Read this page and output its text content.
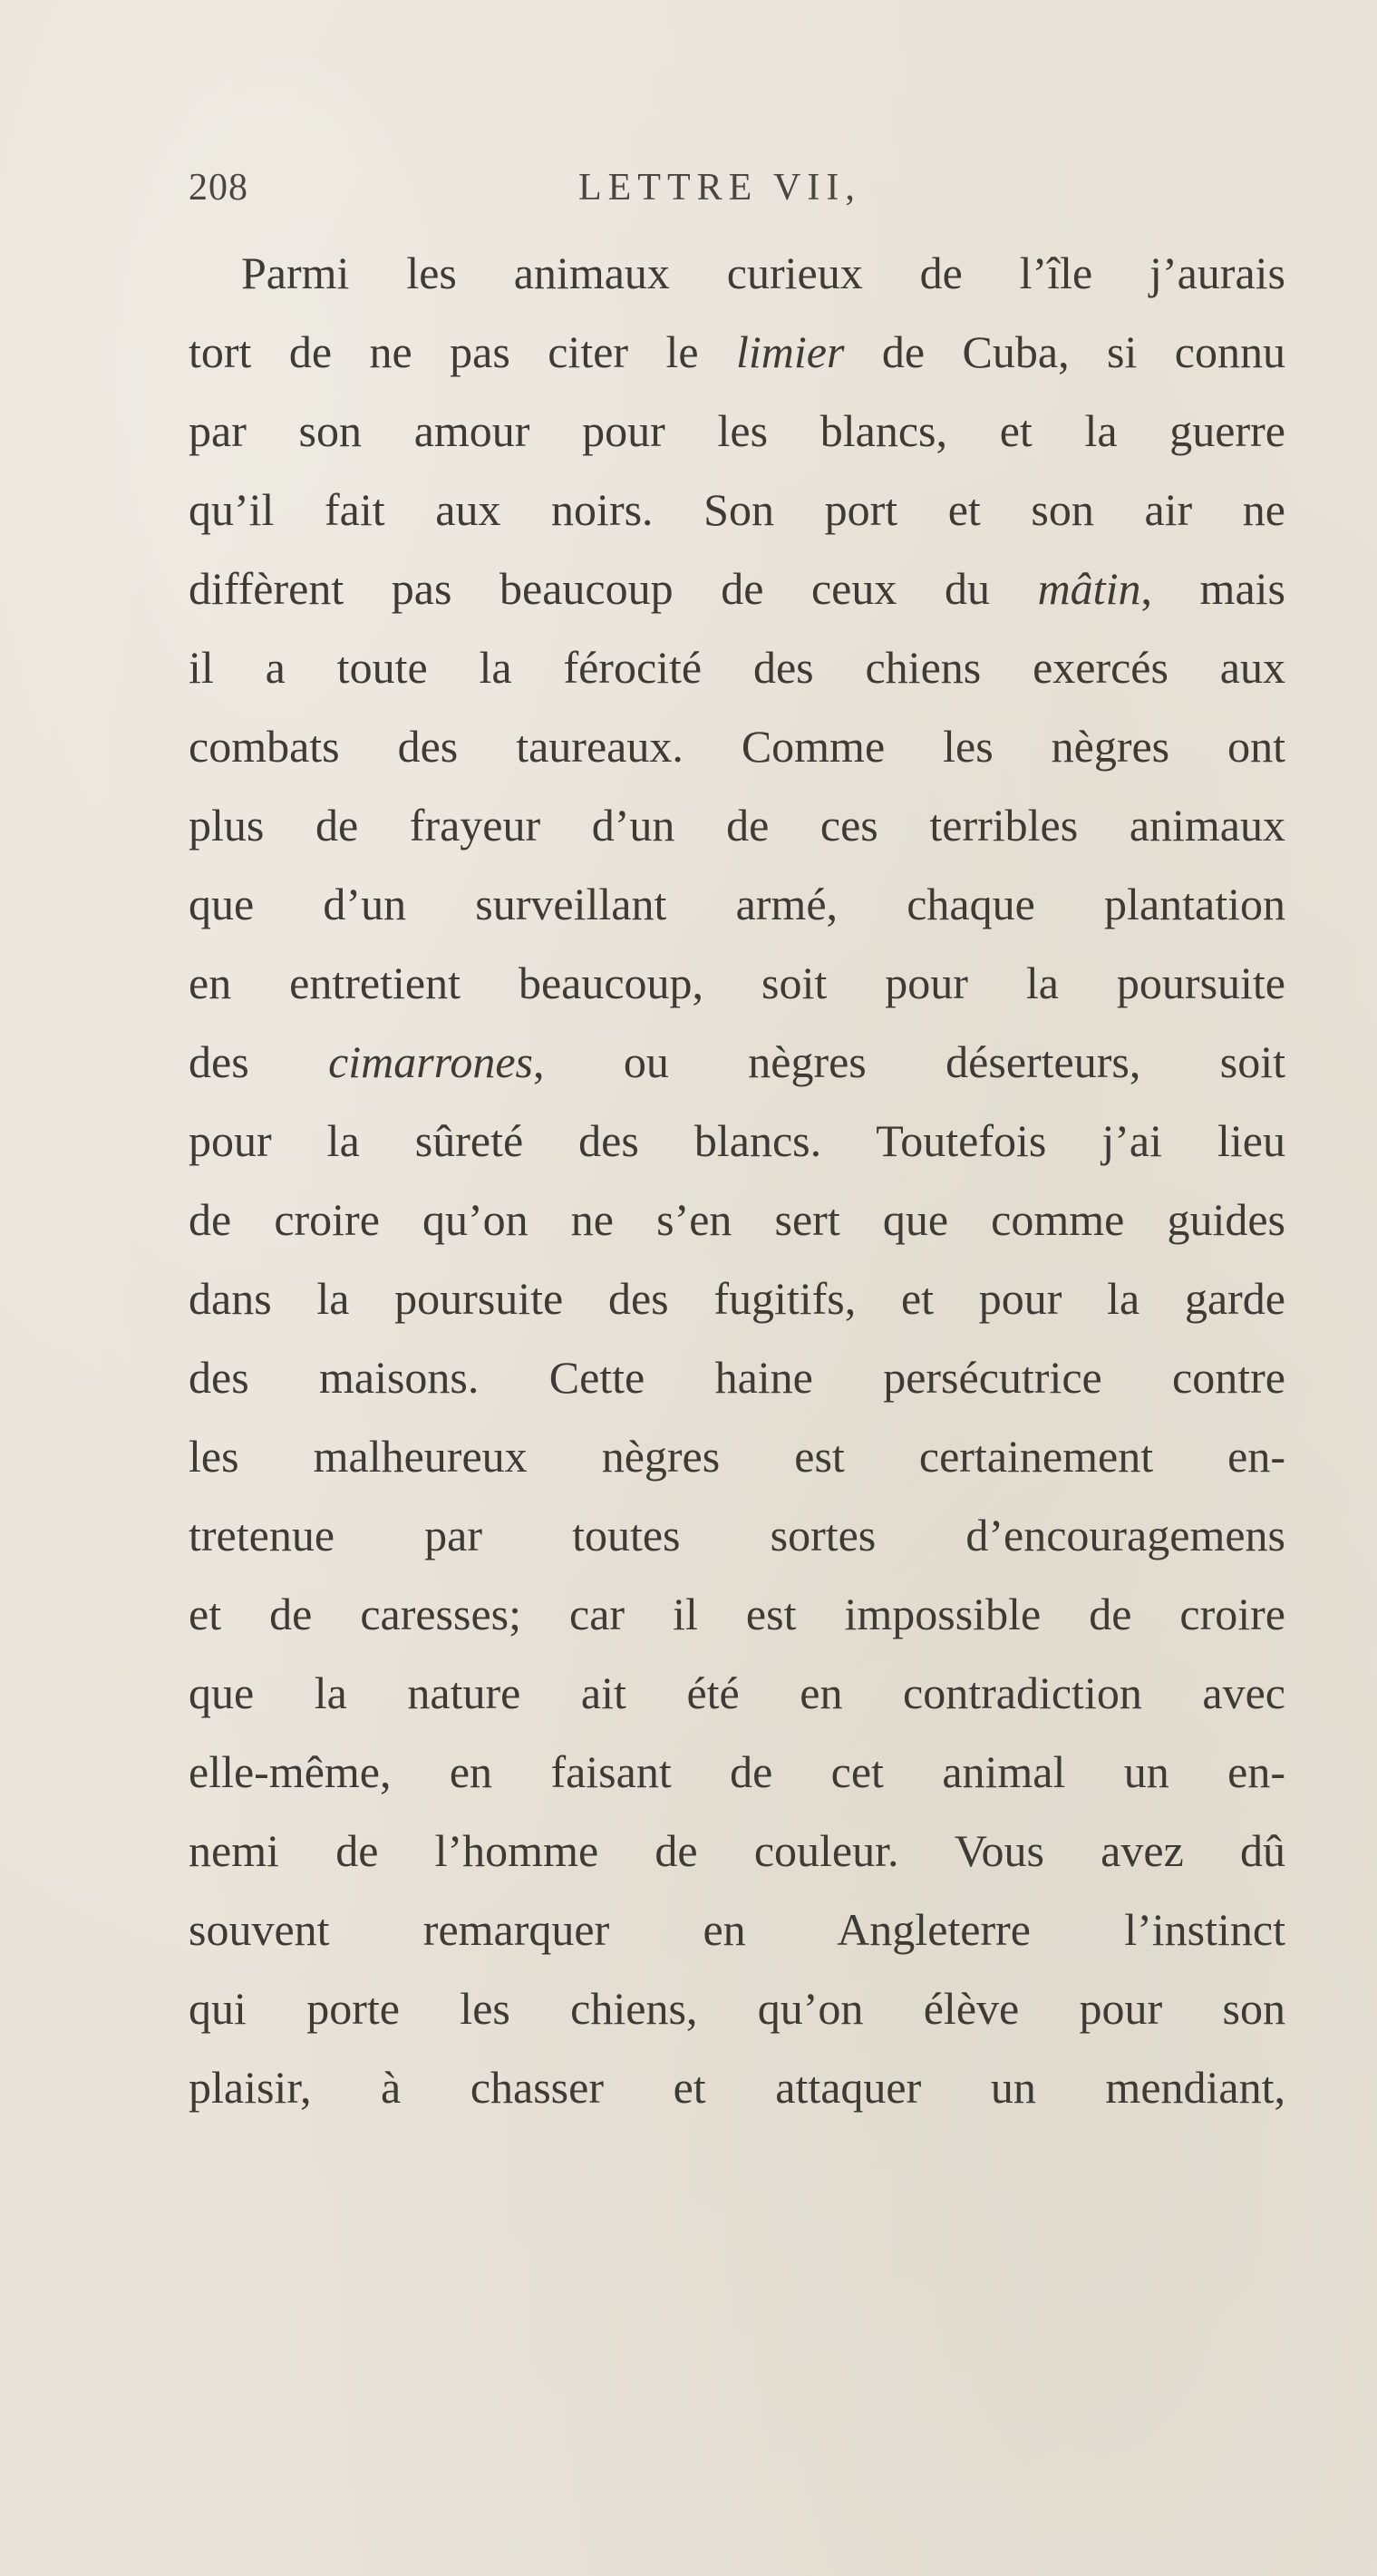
208	LETTRE VII,
Parmi les animaux curieux de l’île j’aurais
tort de ne pas citer le limier de Cuba, si connu
par son amour pour les blancs, et la guerre
qu’il fait aux noirs. Son port et son air ne
diffèrent pas beaucoup de ceux du mâtin, mais
il a toute la férocité des chiens exercés aux
combats des taureaux. Comme les nègres ont
plus de frayeur d’un de ces terribles animaux
que d’un surveillant armé, chaque plantation
en entretient beaucoup, soit pour la poursuite
des cimarrones, ou nègres déserteurs, soit
pour la sûreté des blancs. Toutefois j’ai lieu
de croire qu’on ne s’en sert que comme guides
dans la poursuite des fugitifs, et pour la garde
des maisons. Cette haine persécutrice contre
les malheureux nègres est certainement en-
tretenue par toutes sortes d’encouragemens
et de caresses; car il est impossible de croire
que la nature ait été en contradiction avec
elle-même, en faisant de cet animal un en-
nemi de l’homme de couleur. Vous avez dû
souvent remarquer en Angleterre l’instinct
qui porte les chiens, qu’on élève pour son
plaisir, à chasser et attaquer un mendiant,
